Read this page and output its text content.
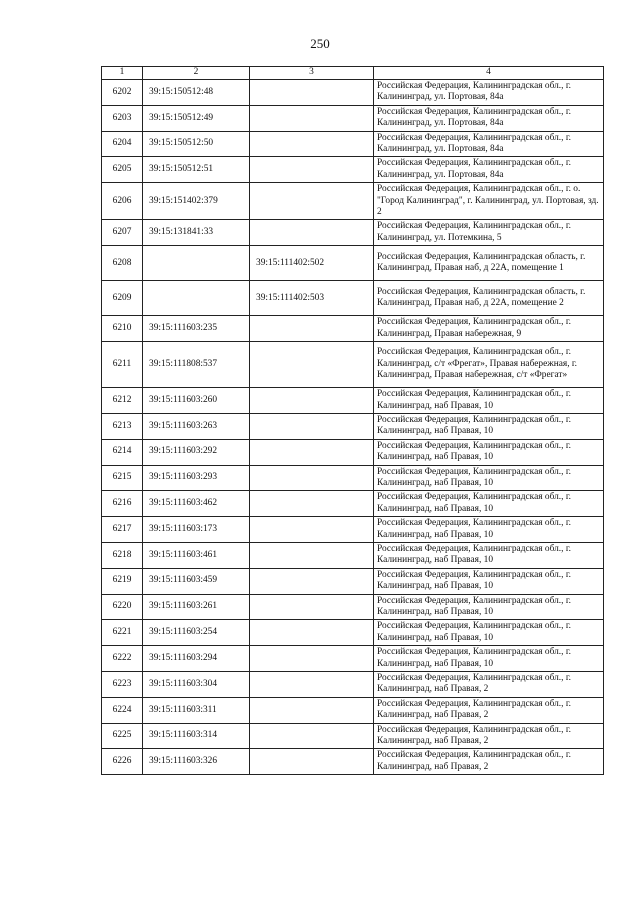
250
1	2	3	4
6202	39:15:150512:48		Российская Федерация, Калининградская обл., г. Калининград, ул. Портовая, 84а
6203	39:15:150512:49		Российская Федерация, Калининградская обл., г. Калининград, ул. Портовая, 84а
6204	39:15:150512:50		Российская Федерация, Калининградская обл., г. Калининград, ул. Портовая, 84а
6205	39:15:150512:51		Российская Федерация, Калининградская обл., г. Калининград, ул. Портовая, 84а
6206	39:15:151402:379		Российская Федерация, Калининградская обл., г. о. "Город Калининград", г. Калининград, ул. Портовая, зд. 2
6207	39:15:131841:33		Российская Федерация, Калининградская обл., г. Калининград, ул. Потемкина, 5
6208		39:15:111402:502	Российская Федерация, Калининградская область, г. Калининград, Правая наб, д 22А, помещение 1
6209		39:15:111402:503	Российская Федерация, Калининградская область, г. Калининград, Правая наб, д 22А, помещение 2
6210	39:15:111603:235		Российская Федерация, Калининградская обл., г. Калининград, Правая набережная, 9
6211	39:15:111808:537		Российская Федерация, Калининградская обл., г. Калининград, с/т «Фрегат», Правая набережная, г. Калининград, Правая набережная, с/т «Фрегат»
6212	39:15:111603:260		Российская Федерация, Калининградская обл., г. Калининград, наб Правая, 10
6213	39:15:111603:263		Российская Федерация, Калининградская обл., г. Калининград, наб Правая, 10
6214	39:15:111603:292		Российская Федерация, Калининградская обл., г. Калининград, наб Правая, 10
6215	39:15:111603:293		Российская Федерация, Калининградская обл., г. Калининград, наб Правая, 10
6216	39:15:111603:462		Российская Федерация, Калининградская обл., г. Калининград, наб Правая, 10
6217	39:15:111603:173		Российская Федерация, Калининградская обл., г. Калининград, наб Правая, 10
6218	39:15:111603:461		Российская Федерация, Калининградская обл., г. Калининград, наб Правая, 10
6219	39:15:111603:459		Российская Федерация, Калининградская обл., г. Калининград, наб Правая, 10
6220	39:15:111603:261		Российская Федерация, Калининградская обл., г. Калининград, наб Правая, 10
6221	39:15:111603:254		Российская Федерация, Калининградская обл., г. Калининград, наб Правая, 10
6222	39:15:111603:294		Российская Федерация, Калининградская обл., г. Калининград, наб Правая, 10
6223	39:15:111603:304		Российская Федерация, Калининградская обл., г. Калининград, наб Правая, 2
6224	39:15:111603:311		Российская Федерация, Калининградская обл., г. Калининград, наб Правая, 2
6225	39:15:111603:314		Российская Федерация, Калининградская обл., г. Калининград, наб Правая, 2
6226	39:15:111603:326		Российская Федерация, Калининградская обл., г. Калининград, наб Правая, 2
